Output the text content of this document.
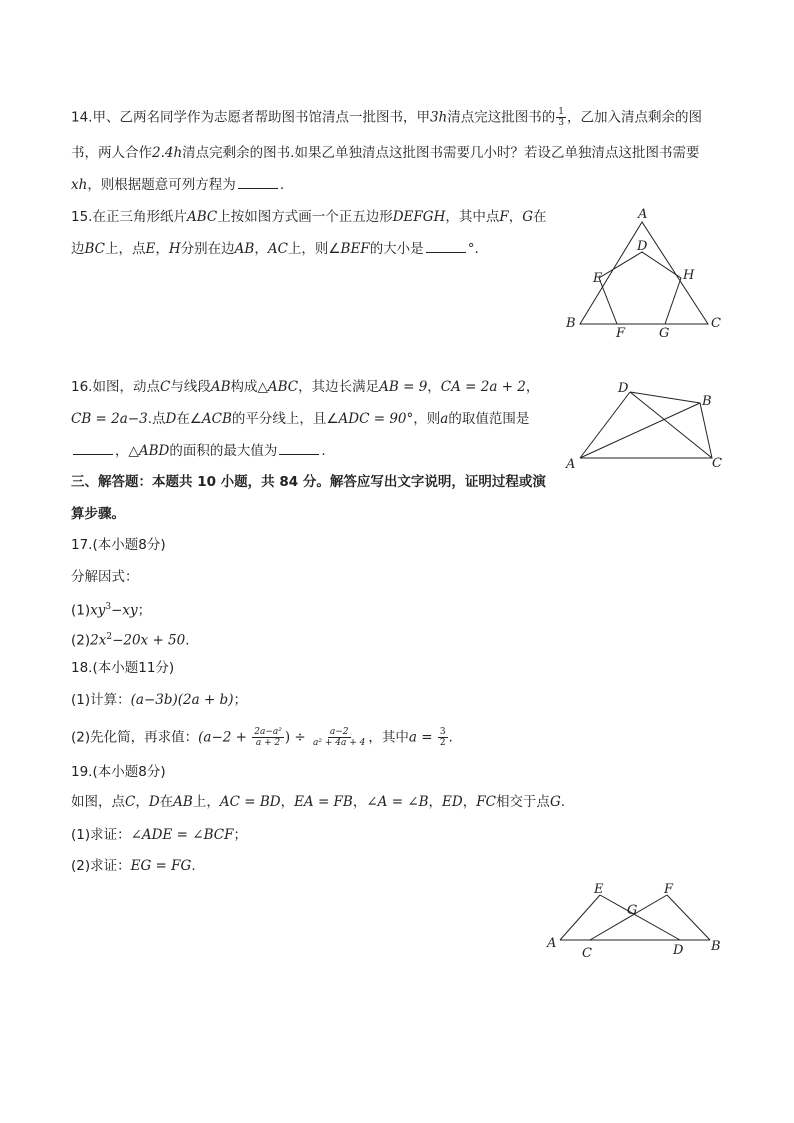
14.甲、乙两名同学作为志愿者帮助图书馆清点一批图书，甲3h清点完这批图书的 $\frac{1}{3}$ ，乙加入清点剩余的图
书，两人合作2.4h清点完剩余的图书.如果乙单独清点这批图书需要几小时？若设乙单独清点这批图书需要
xh，则根据题意可列方程为	.
15.在正三角形纸片ABC上按如图方式画一个正五边形DEFGH，其中点F，G在
边BC上，点E，H分别在边AB，AC上，则∠BEF的大小是	°.
A
B	C
D
E
F	G
H
16.如图，动点C与线段AB构成△ABC，其边长满足AB = 9，CA = 2a + 2，
CB = 2a−3.点D在∠ACB的平分线上，且∠ADC = 90°，则a的取值范围是
，△ABD的面积的最大值为	.
A
B
C
D
三、解答题：本题共 10 小题，共 84 分。解答应写出文字说明，证明过程或演
算步骤。
17.(本小题8分)
分解因式：
$(1)xy^3-xy$；
$(2)2x^2-20x + 50$.
18.(本小题11分)
(1)计算：(a−3b)(2a + b)；
(2)先化简，再求值：($a-2 + \frac{\text{2a−a²}}{a + 2}$ ) ÷ $\frac{a-2}{\text{a² + 4a + 4}}$ ，其中$a = \frac{3}{2}$ .
19.(本小题8分)
如图，点C，D在AB上，AC = BD，EA = FB，∠A = ∠B，ED，FC相交于点G.
(1)求证：∠ADE = ∠BCF；
(2)求证：EG = FG.
A	B
C	D
E	F
G
